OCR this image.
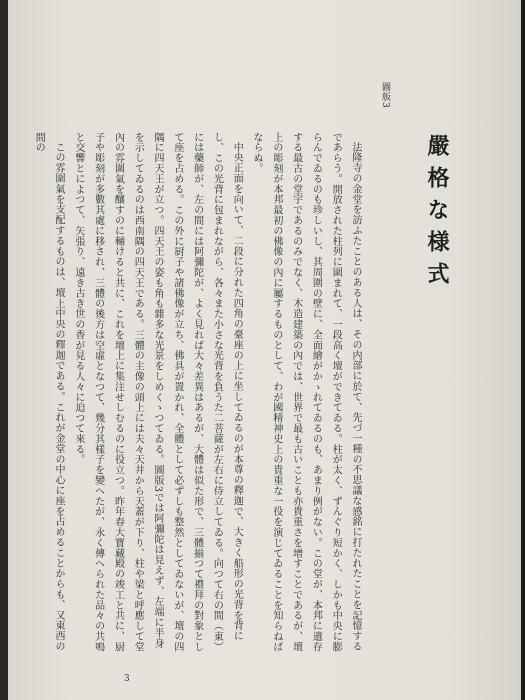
圖版3
嚴格な様式

法隆寺の金堂を訪ふたことのある人は、その内部に於て、先づ一種の不思議な感銘に打たれたことを記憶するであらう。開放された柱列に圍まれて、一段高く壇ができてゐる。柱が太く、ずんぐり短かく、しかも中央に膨らんでゐるのも珍しいし、其周圍の壁に、全面繪がかゝれてゐるのも、あまり例がない。この堂が、本邦に遺存する最古の堂宇であるのみでなく、木造建築の內では、世界で最も古いことも亦貴重さを增すことであるが、壇上の彫刻が本邦最初の佛像の內に屬するものとして、わが國精神史上の貴重な一役を演じてゐることを知らねばならぬ。

中央正面を向いて、二段に分れた四角の臺座の上に坐してゐるのが本尊の釋迦で、大きく船形の光背を背にし、この光背に包まれながら、各々また小さな光背を負うた二菩薩が左右に侍立してゐる。向つて右の間（東）には藥師が、左の間には阿彌陀が、よく見れば大々差異はあるが、大體は似た形で、三體揃つて禮拜の對象として座を占める。この外に厨子や諸佛像が立ち、佛具が置かれ、全體として必ずしも整然としてゐないが、壇の四隅に四天王が立つ。四天王の姿も角も雜多な光景をしめくゝつてゐる。圖版3では阿彌陀は見えず、左端に半身を示してゐるのは西南隅の四天王である。三體の主像の頭上には夫々天井から天蓋が下り、柱や梁と呼應して堂內の雰圍氣を釀すのに輔けると共に、これを壇上に集注せしむるのに役立つ。昨年春大寶藏殿の竣工と共に、厨子や彫刻が多數其處に移され、三體の後方は空虛となつて、幾分其樣子を變へたが、永く傳へられた品々の共鳴と交響とによつて、矢張り、遠き古き世の香が見る人々に迫つて來る。

この雰圍氣を支配するものは、壇上中央の釋迦である。これが金堂の中心に座を占めることからも、又東西の間の

3
